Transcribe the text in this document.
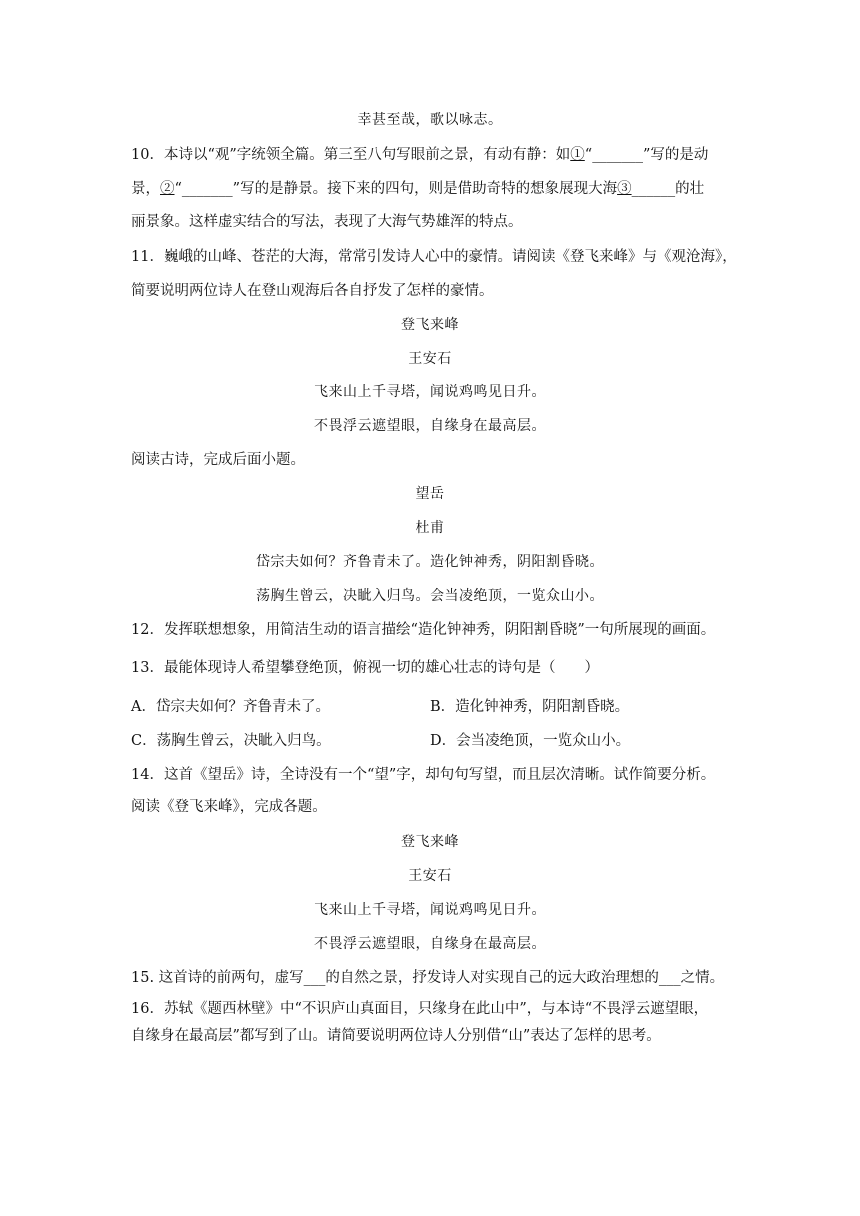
幸甚至哉，歌以咏志。
10．本诗以“观”字统领全篇。第三至八句写眼前之景，有动有静：如①“_______”写的是动
景，②“_______”写的是静景。接下来的四句，则是借助奇特的想象展现大海③______的壮
丽景象。这样虚实结合的写法，表现了大海气势雄浑的特点。
11．巍峨的山峰、苍茫的大海，常常引发诗人心中的豪情。请阅读《登飞来峰》与《观沧海》，
简要说明两位诗人在登山观海后各自抒发了怎样的豪情。
登飞来峰
王安石
飞来山上千寻塔，闻说鸡鸣见日升。
不畏浮云遮望眼，自缘身在最高层。
阅读古诗，完成后面小题。
望岳
杜甫
岱宗夫如何？齐鲁青未了。造化钟神秀，阴阳割昏晓。
荡胸生曾云，决眦入归鸟。会当凌绝顶，一览众山小。
12．发挥联想想象，用简洁生动的语言描绘“造化钟神秀，阴阳割昏晓”一句所展现的画面。
13．最能体现诗人希望攀登绝顶，俯视一切的雄心壮志的诗句是（　　）
A．岱宗夫如何？齐鲁青未了。	B．造化钟神秀，阴阳割昏晓。
C．荡胸生曾云，决眦入归鸟。	D．会当凌绝顶，一览众山小。
14．这首《望岳》诗，全诗没有一个“望”字，却句句写望，而且层次清晰。试作简要分析。
阅读《登飞来峰》，完成各题。
登飞来峰
王安石
飞来山上千寻塔，闻说鸡鸣见日升。
不畏浮云遮望眼，自缘身在最高层。
15. 这首诗的前两句，虚写___的自然之景，抒发诗人对实现自己的远大政治理想的___之情。
16．苏轼《题西林壁》中“不识庐山真面目，只缘身在此山中”，与本诗“不畏浮云遮望眼，
自缘身在最高层”都写到了山。请简要说明两位诗人分别借“山”表达了怎样的思考。
